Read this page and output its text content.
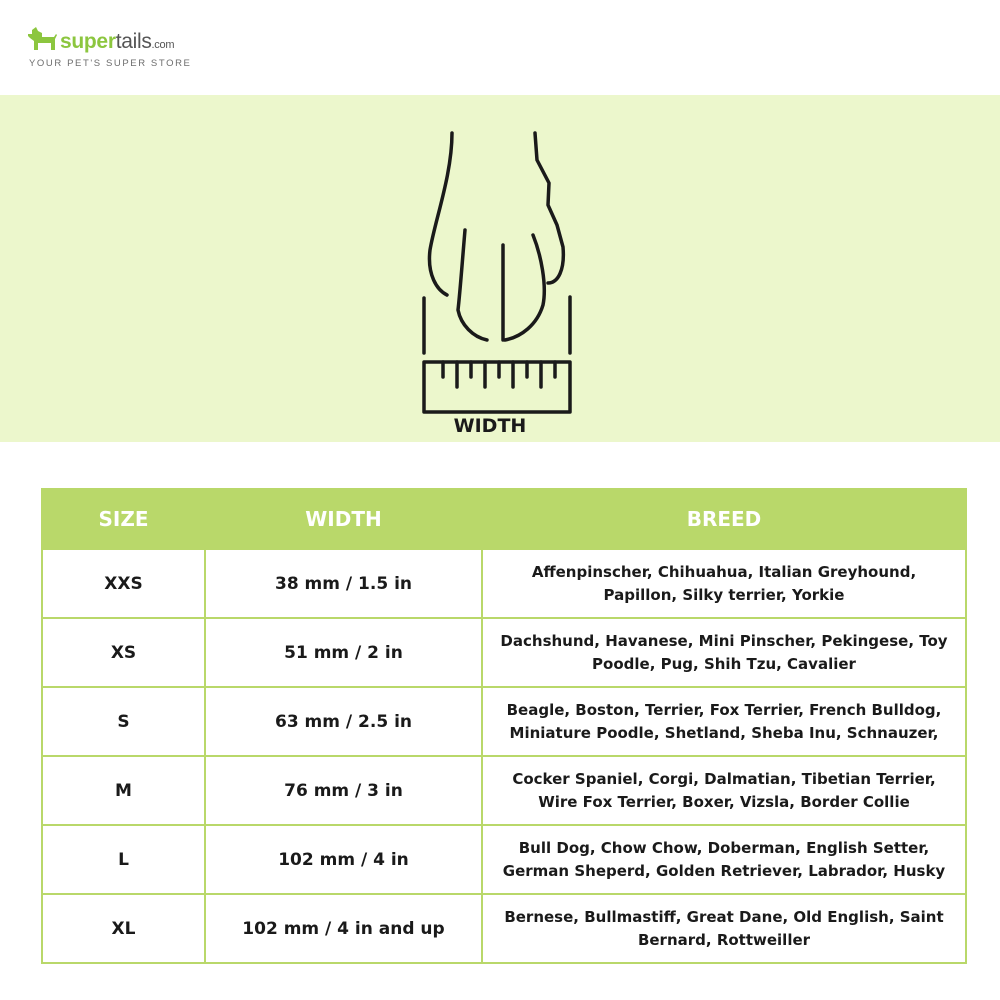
supertails.com
YOUR PET'S SUPER STORE
WIDTH
SIZE	WIDTH	BREED
XXS	38 mm / 1.5 in	Affenpinscher, Chihuahua, Italian Greyhound, Papillon, Silky terrier, Yorkie
XS	51 mm / 2 in	Dachshund, Havanese, Mini Pinscher, Pekingese, Toy Poodle, Pug, Shih Tzu, Cavalier
S	63 mm / 2.5 in	Beagle, Boston, Terrier, Fox Terrier, French Bulldog, Miniature Poodle, Shetland, Sheba Inu, Schnauzer,
M	76 mm / 3 in	Cocker Spaniel, Corgi, Dalmatian, Tibetian Terrier, Wire Fox Terrier, Boxer, Vizsla, Border Collie
L	102 mm / 4 in	Bull Dog, Chow Chow, Doberman, English Setter, German Sheperd, Golden Retriever, Labrador, Husky
XL	102 mm / 4 in and up	Bernese, Bullmastiff, Great Dane, Old English, Saint Bernard, Rottweiller
